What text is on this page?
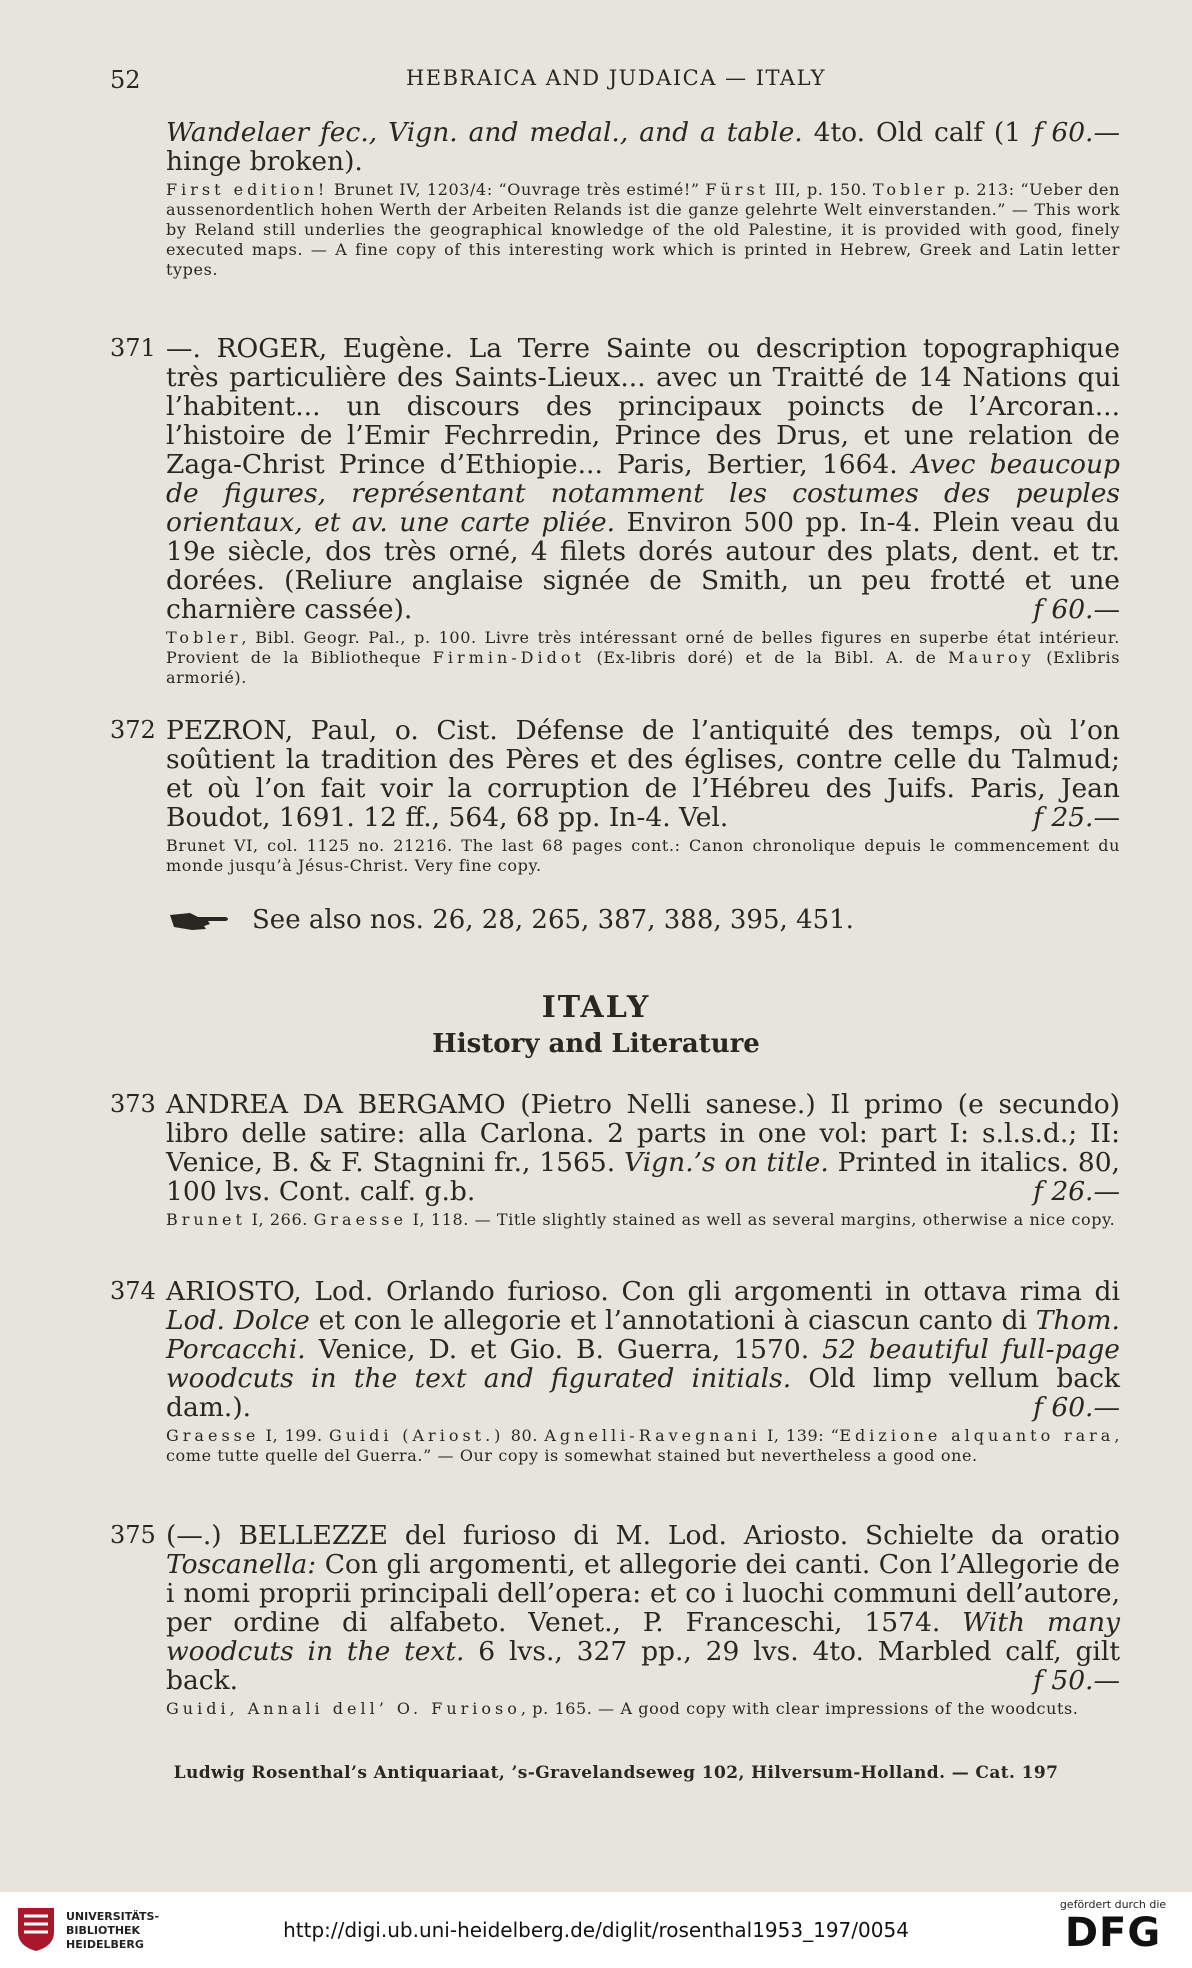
52	HEBRAICA AND JUDAICA — ITALY
f 60.—
Wandelaer fec., Vign. and medal., and a table. 4to. Old calf (1 hinge broken).
First edition! Brunet IV, 1203/4: “Ouvrage très estimé!” Fürst III, p. 150. Tobler p. 213: “Ueber den aussenordentlich hohen Werth der Arbeiten Relands ist die ganze gelehrte Welt einverstanden.” — This work by Reland still underlies the geographical knowledge of the old Palestine, it is provided with good, finely executed maps. — A fine copy of this interesting work which is printed in Hebrew, Greek and Latin letter types.
371 —. ROGER, Eugène. La Terre Sainte ou description topographique très particulière des Saints-Lieux... avec un Traitté de 14 Nations qui l’habitent... un discours des principaux poincts de l’Arcoran... l’histoire de l’Emir Fechrredin, Prince des Drus, et une relation de Zaga-Christ Prince d’Ethiopie... Paris, Bertier, 1664. Avec beaucoup de figures, représentant notamment les costumes des peuples orientaux, et av. une carte pliée. Environ 500 pp. In-4. Plein veau du 19e siècle, dos très orné, 4 filets dorés autour des plats, dent. et tr. dorées. (Reliure anglaise signée de Smith, un peu frotté et une charnière cassée).	f 60.—
Tobler, Bibl. Geogr. Pal., p. 100. Livre très intéressant orné de belles figures en superbe état intérieur. Provient de la Bibliotheque Firmin-Didot (Ex-libris doré) et de la Bibl. A. de Mauroy (Exlibris armorié).
372 PEZRON, Paul, o. Cist. Défense de l’antiquité des temps, où l’on soûtient la tradition des Pères et des églises, contre celle du Talmud; et où l’on fait voir la corruption de l’Hébreu des Juifs. Paris, Jean Boudot, 1691. 12 ff., 564, 68 pp. In-4. Vel.	f 25.—
Brunet VI, col. 1125 no. 21216. The last 68 pages cont.: Canon chronolique depuis le commencement du monde jusqu’à Jésus-Christ. Very fine copy.
See also nos. 26, 28, 265, 387, 388, 395, 451.
ITALY
History and Literature
373 ANDREA DA BERGAMO (Pietro Nelli sanese.) Il primo (e secundo) libro delle satire: alla Carlona. 2 parts in one vol: part I: s.l.s.d.; II: Venice, B. & F. Stagnini fr., 1565. Vign.’s on title. Printed in italics. 80, 100 lvs. Cont. calf. g.b.	f 26.—
Brunet I, 266. Graesse I, 118. — Title slightly stained as well as several margins, otherwise a nice copy.
374 ARIOSTO, Lod. Orlando furioso. Con gli argomenti in ottava rima di Lod. Dolce et con le allegorie et l’annotationi à ciascun canto di Thom. Porcacchi. Venice, D. et Gio. B. Guerra, 1570. 52 beautiful full-page woodcuts in the text and figurated initials. Old limp vellum back dam.).	f 60.—
Graesse I, 199. Guidi (Ariost.) 80. Agnelli-Ravegnani I, 139: “Edizione alquanto rara, come tutte quelle del Guerra.” — Our copy is somewhat stained but nevertheless a good one.
375 (—.) BELLEZZE del furioso di M. Lod. Ariosto. Schielte da oratio Toscanella: Con gli argomenti, et allegorie dei canti. Con l’Allegorie de i nomi proprii principali dell’opera: et co i luochi communi dell’autore, per ordine di alfabeto. Venet., P. Franceschi, 1574. With many woodcuts in the text. 6 lvs., 327 pp., 29 lvs. 4to. Marbled calf, gilt back.	f 50.—
Guidi, Annali dell’ O. Furioso, p. 165. — A good copy with clear impressions of the woodcuts.
Ludwig Rosenthal’s Antiquariaat, ’s-Gravelandseweg 102, Hilversum-Holland. — Cat. 197
UNIVERSITÄTS-
BIBLIOTHEK
HEIDELBERG
http://digi.ub.uni-heidelberg.de/diglit/rosenthal1953_197/0054
gefördert durch die
DFG
